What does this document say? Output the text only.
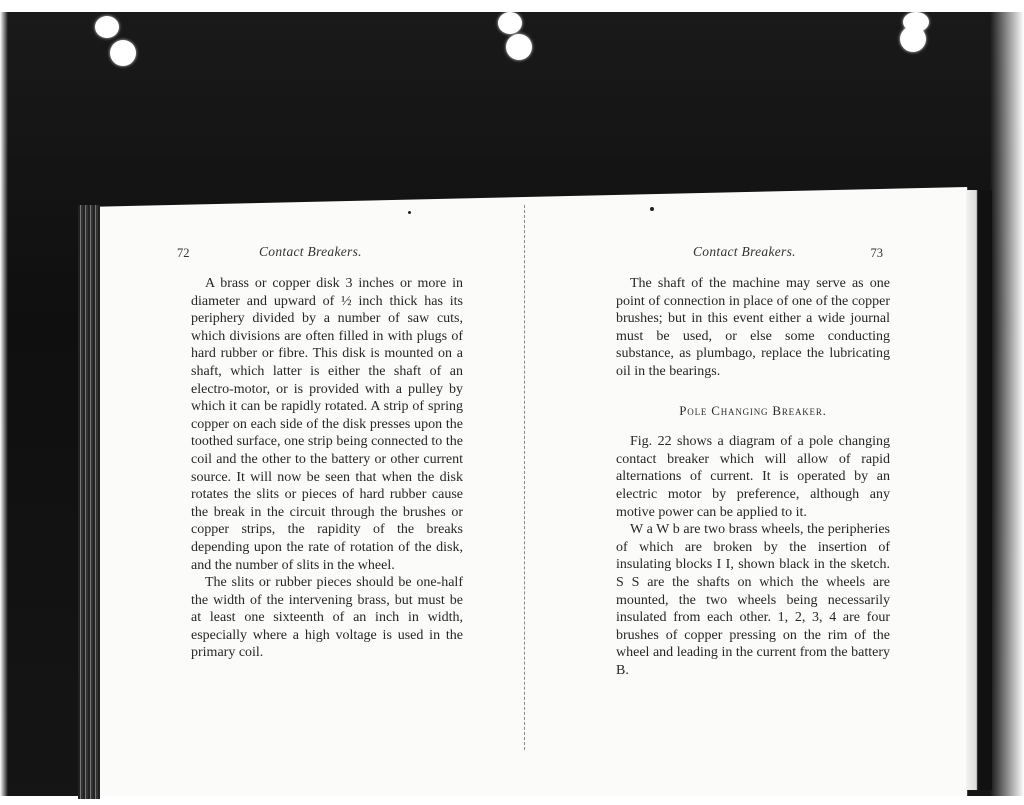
72	Contact Breakers.

A brass or copper disk 3 inches or more in diameter and upward of ½ inch thick has its periphery divided by a number of saw cuts, which divisions are often filled in with plugs of hard rubber or fibre. This disk is mounted on a shaft, which latter is either the shaft of an electro-motor, or is provided with a pulley by which it can be rapidly rotated. A strip of spring copper on each side of the disk presses upon the toothed surface, one strip being connected to the coil and the other to the battery or other current source. It will now be seen that when the disk rotates the slits or pieces of hard rubber cause the break in the circuit through the brushes or copper strips, the rapidity of the breaks depending upon the rate of rotation of the disk, and the number of slits in the wheel.

The slits or rubber pieces should be one-half the width of the intervening brass, but must be at least one sixteenth of an inch in width, especially where a high voltage is used in the primary coil.

Contact Breakers.	73

The shaft of the machine may serve as one point of connection in place of one of the copper brushes; but in this event either a wide journal must be used, or else some conducting substance, as plumbago, replace the lubricating oil in the bearings.

Pole Changing Breaker.

Fig. 22 shows a diagram of a pole changing contact breaker which will allow of rapid alternations of current. It is operated by an electric motor by preference, although any motive power can be applied to it.

W a W b are two brass wheels, the peripheries of which are broken by the insertion of insulating blocks I I, shown black in the sketch. S S are the shafts on which the wheels are mounted, the two wheels being necessarily insulated from each other. 1, 2, 3, 4 are four brushes of copper pressing on the rim of the wheel and leading in the current from the battery B.
